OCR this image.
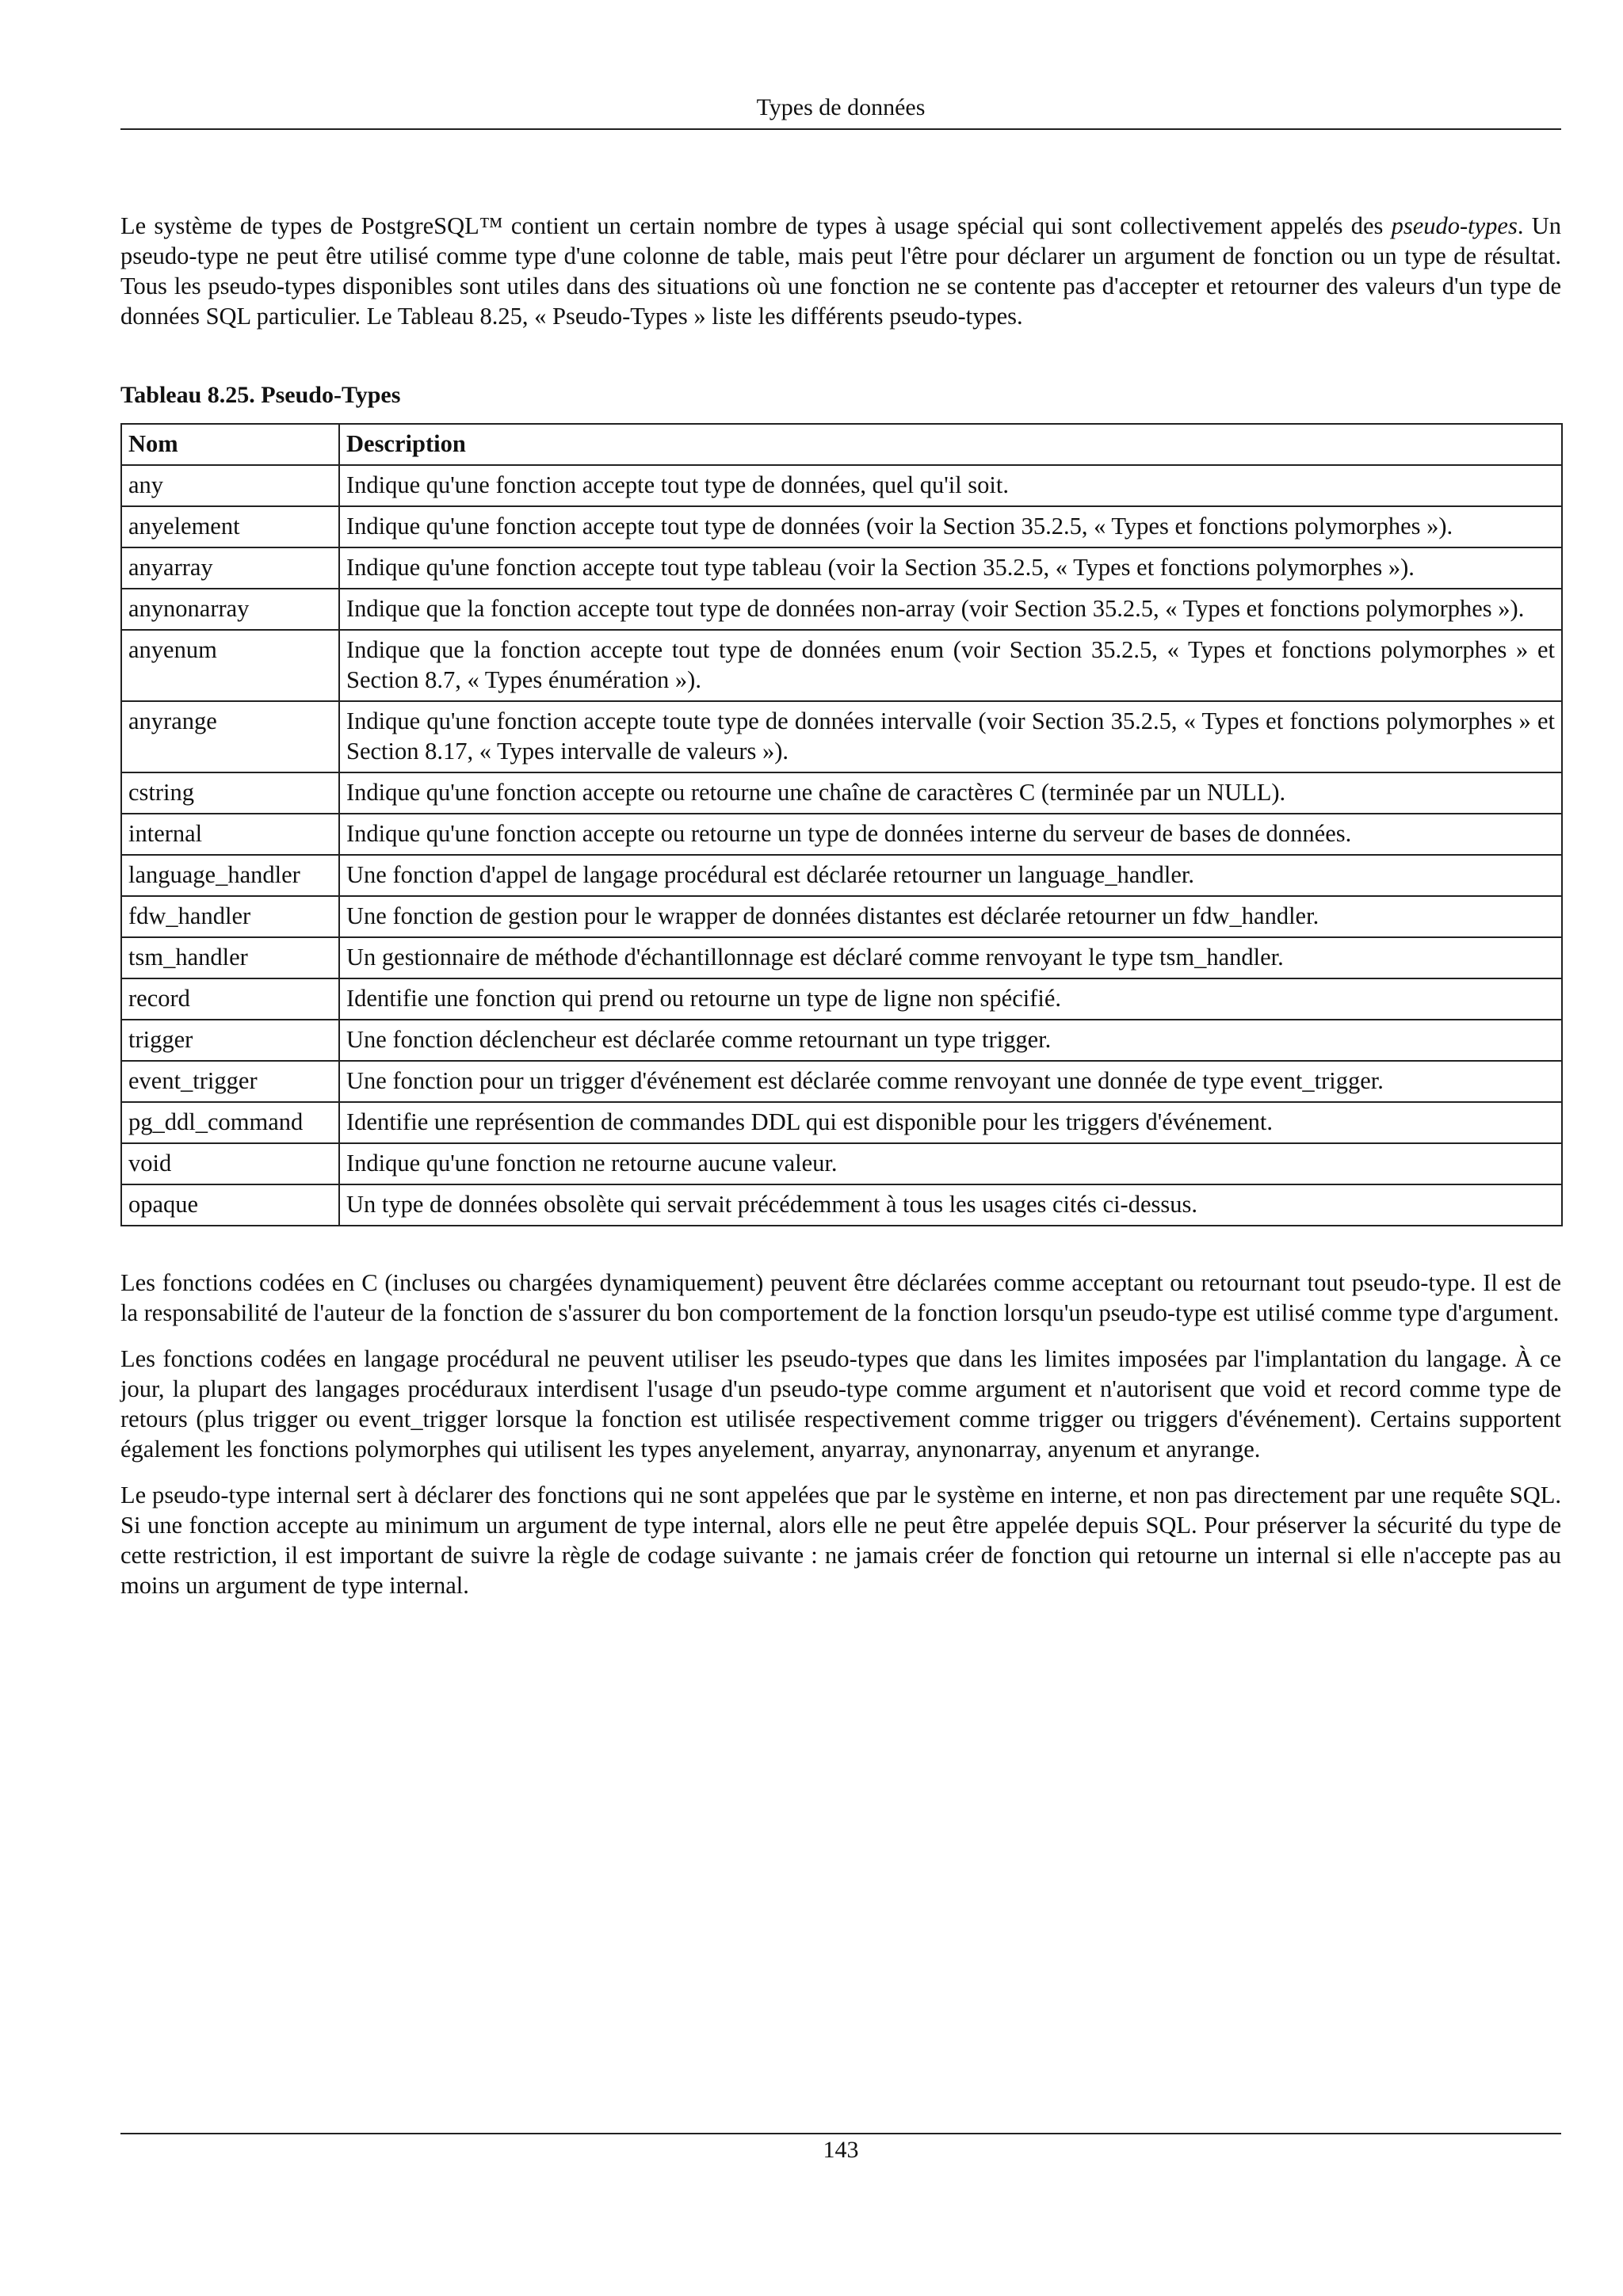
Types de données

Le système de types de PostgreSQL™ contient un certain nombre de types à usage spécial qui sont collectivement appelés des pseudo-types. Un pseudo-type ne peut être utilisé comme type d'une colonne de table, mais peut l'être pour déclarer un argument de fonction ou un type de résultat. Tous les pseudo-types disponibles sont utiles dans des situations où une fonction ne se contente pas d'accepter et retourner des valeurs d'un type de données SQL particulier. Le Tableau 8.25, « Pseudo-Types » liste les différents pseudo-types.

Tableau 8.25. Pseudo-Types
Nom	Description
any	Indique qu'une fonction accepte tout type de données, quel qu'il soit.
anyelement	Indique qu'une fonction accepte tout type de données (voir la Section 35.2.5, « Types et fonctions polymorphes »).
anyarray	Indique qu'une fonction accepte tout type tableau (voir la Section 35.2.5, « Types et fonctions polymorphes »).
anynonarray	Indique que la fonction accepte tout type de données non-array (voir Section 35.2.5, « Types et fonctions polymorphes »).
anyenum	Indique que la fonction accepte tout type de données enum (voir Section 35.2.5, « Types et fonctions polymorphes » et Section 8.7, « Types énumération »).
anyrange	Indique qu'une fonction accepte toute type de données intervalle (voir Section 35.2.5, « Types et fonctions polymorphes » et Section 8.17, « Types intervalle de valeurs »).
cstring	Indique qu'une fonction accepte ou retourne une chaîne de caractères C (terminée par un NULL).
internal	Indique qu'une fonction accepte ou retourne un type de données interne du serveur de bases de données.
language_handler	Une fonction d'appel de langage procédural est déclarée retourner un language_handler.
fdw_handler	Une fonction de gestion pour le wrapper de données distantes est déclarée retourner un fdw_handler.
tsm_handler	Un gestionnaire de méthode d'échantillonnage est déclaré comme renvoyant le type tsm_handler.
record	Identifie une fonction qui prend ou retourne un type de ligne non spécifié.
trigger	Une fonction déclencheur est déclarée comme retournant un type trigger.
event_trigger	Une fonction pour un trigger d'événement est déclarée comme renvoyant une donnée de type event_trigger.
pg_ddl_command	Identifie une représention de commandes DDL qui est disponible pour les triggers d'événement.
void	Indique qu'une fonction ne retourne aucune valeur.
opaque	Un type de données obsolète qui servait précédemment à tous les usages cités ci-dessus.

Les fonctions codées en C (incluses ou chargées dynamiquement) peuvent être déclarées comme acceptant ou retournant tout pseudo-type. Il est de la responsabilité de l'auteur de la fonction de s'assurer du bon comportement de la fonction lorsqu'un pseudo-type est utilisé comme type d'argument.

Les fonctions codées en langage procédural ne peuvent utiliser les pseudo-types que dans les limites imposées par l'implantation du langage. À ce jour, la plupart des langages procéduraux interdisent l'usage d'un pseudo-type comme argument et n'autorisent que void et record comme type de retours (plus trigger ou event_trigger lorsque la fonction est utilisée respectivement comme trigger ou triggers d'événement). Certains supportent également les fonctions polymorphes qui utilisent les types anyelement, anyarray, anynonarray, anyenum et anyrange.

Le pseudo-type internal sert à déclarer des fonctions qui ne sont appelées que par le système en interne, et non pas directement par une requête SQL. Si une fonction accepte au minimum un argument de type internal, alors elle ne peut être appelée depuis SQL. Pour préserver la sécurité du type de cette restriction, il est important de suivre la règle de codage suivante : ne jamais créer de fonction qui retourne un internal si elle n'accepte pas au moins un argument de type internal.

143
